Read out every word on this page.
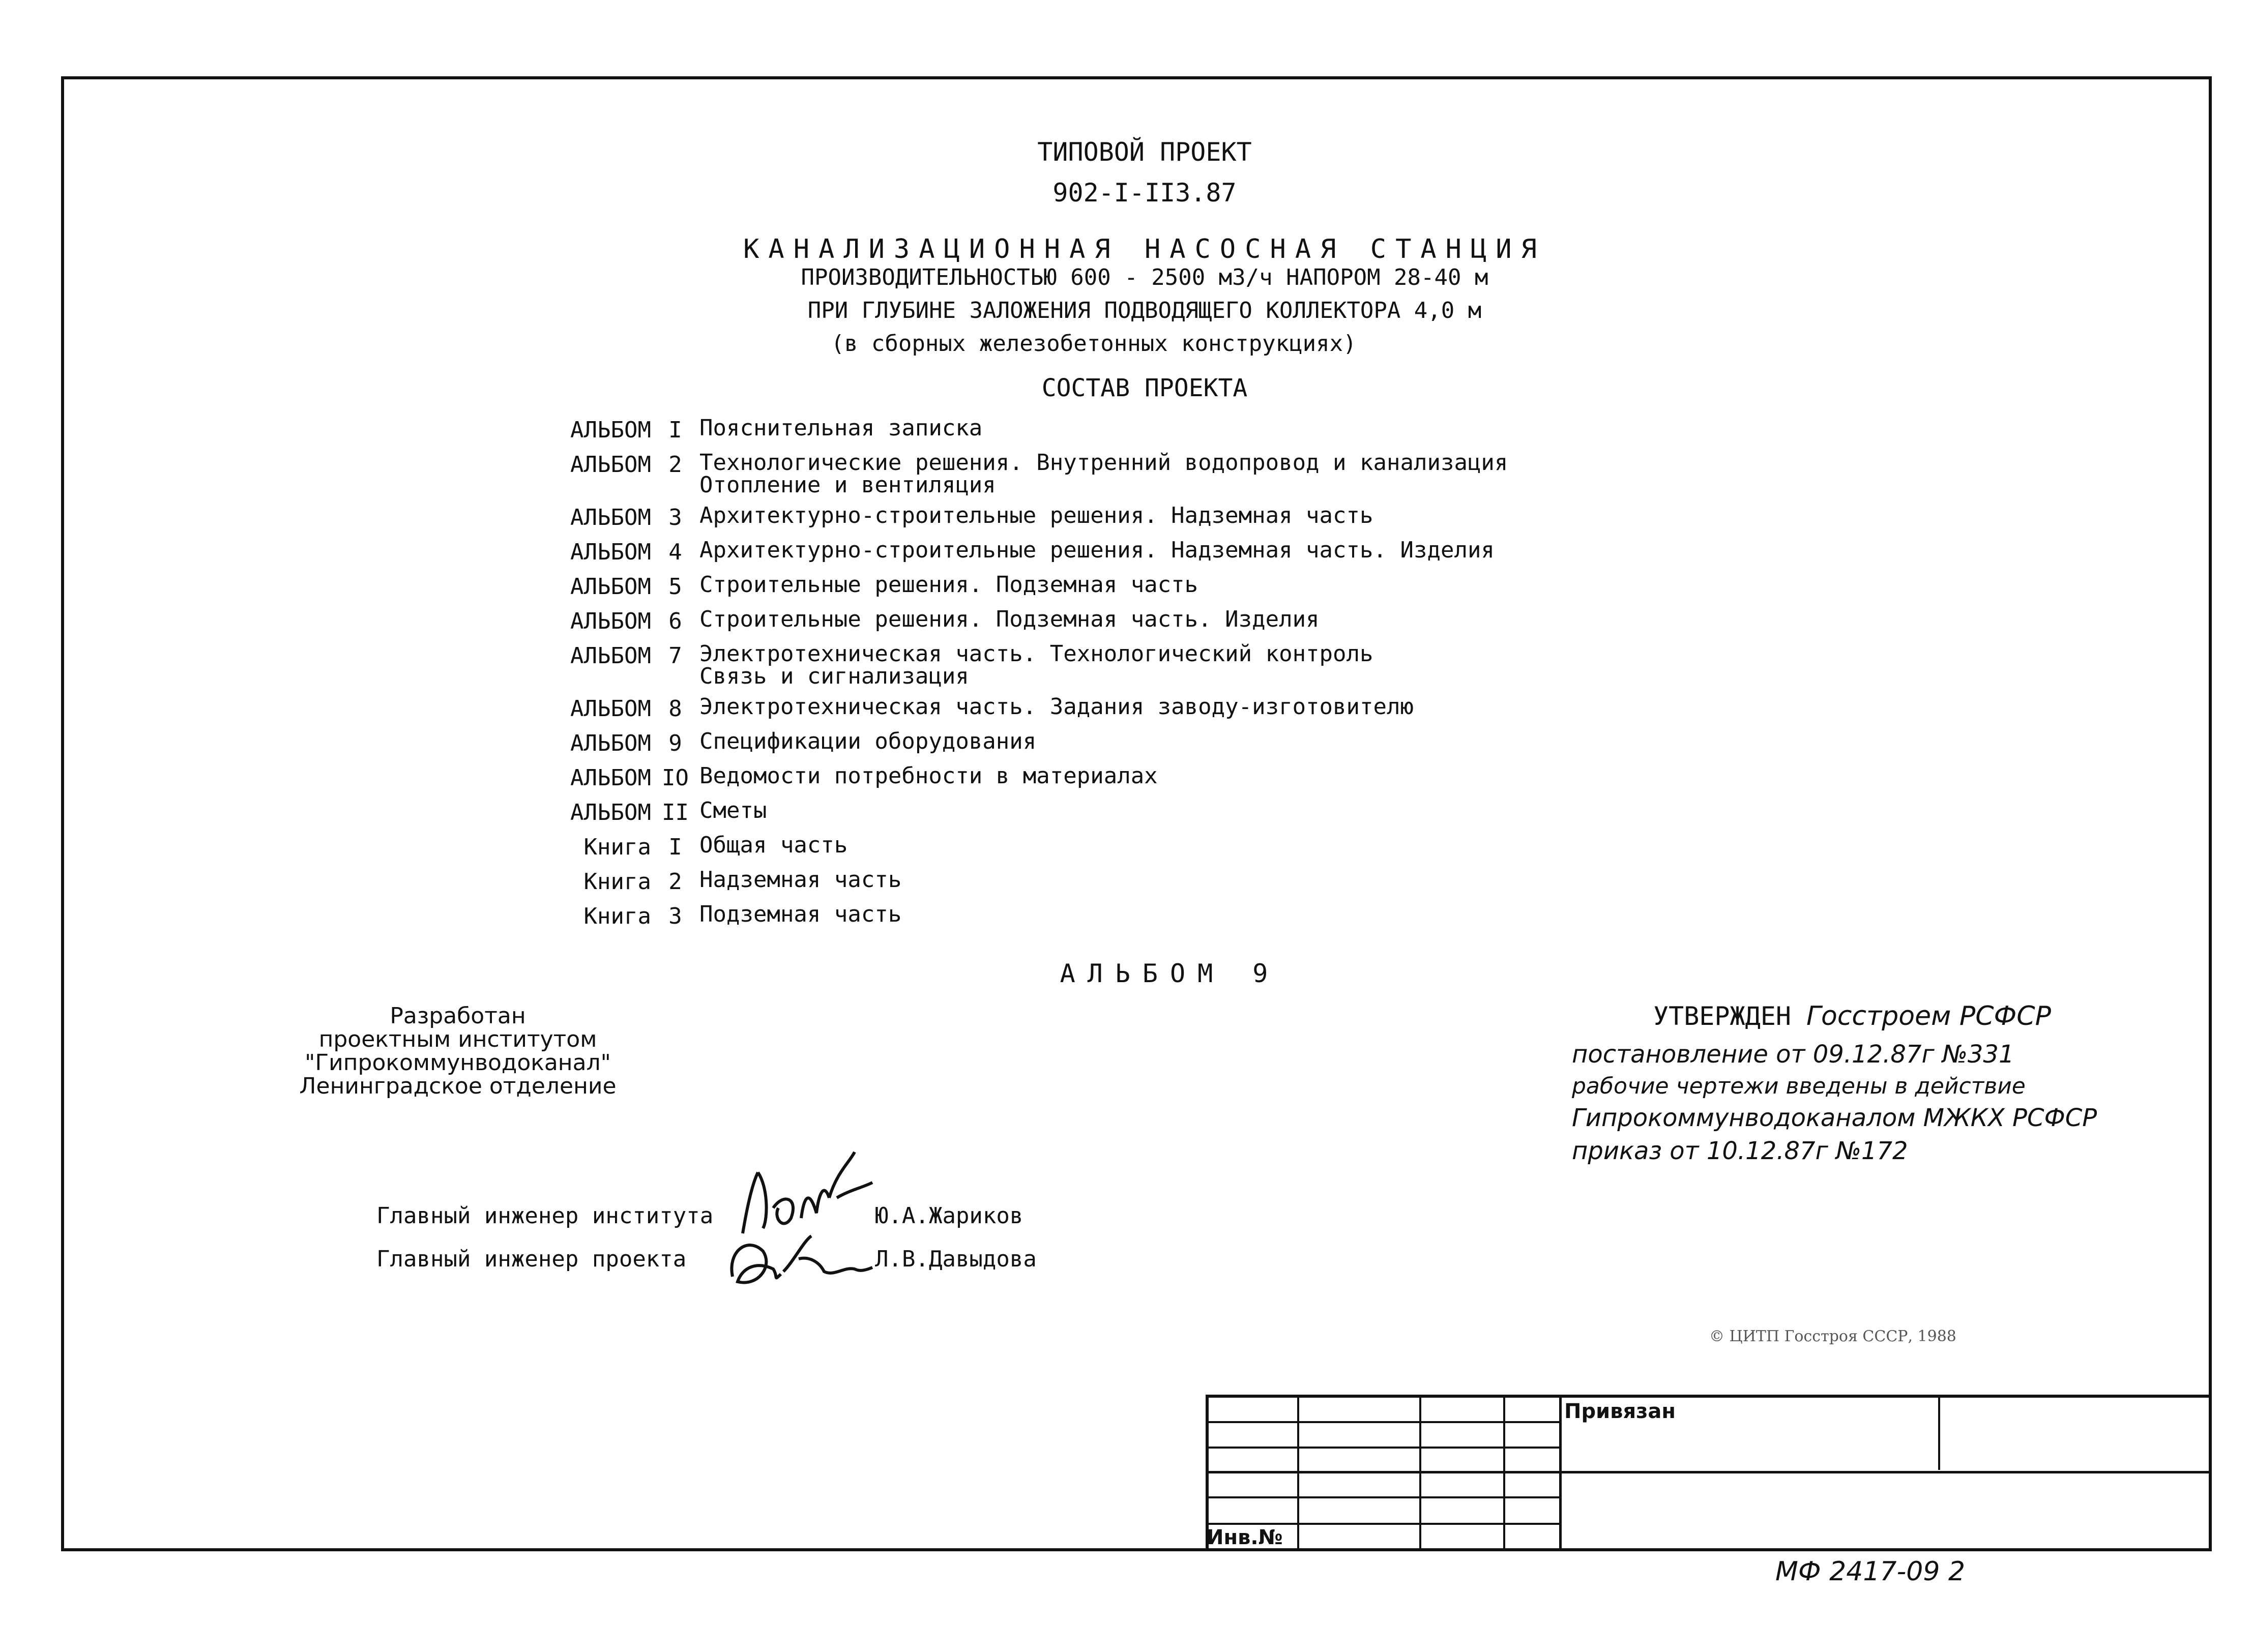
ТИПОВОЙ ПРОЕКТ
902-I-II3.87
КАНАЛИЗАЦИОННАЯ НАСОСНАЯ СТАНЦИЯ
ПРОИЗВОДИТЕЛЬНОСТЬЮ 600 - 2500 м3/ч НАПОРОМ 28-40 м
ПРИ ГЛУБИНЕ ЗАЛОЖЕНИЯ ПОДВОДЯЩЕГО КОЛЛЕКТОРА 4,0 м
(в сборных железобетонных конструкциях)
СОСТАВ ПРОЕКТА
АЛЬБОМ I Пояснительная записка
АЛЬБОМ 2 Технологические решения. Внутренний водопровод и канализация
Отопление и вентиляция
АЛЬБОМ 3 Архитектурно-строительные решения. Надземная часть
АЛЬБОМ 4 Архитектурно-строительные решения. Надземная часть. Изделия
АЛЬБОМ 5 Строительные решения. Подземная часть
АЛЬБОМ 6 Строительные решения. Подземная часть. Изделия
АЛЬБОМ 7 Электротехническая часть. Технологический контроль
Связь и сигнализация
АЛЬБОМ 8 Электротехническая часть. Задания заводу-изготовителю
АЛЬБОМ 9 Спецификации оборудования
АЛЬБОМ IO Ведомости потребности в материалах
АЛЬБОМ II Сметы
Книга I Общая часть
Книга 2 Надземная часть
Книга 3 Подземная часть
АЛЬБОМ 9
Разработан
проектным институтом
"Гипрокоммунводоканал"
Ленинградское отделение
Главный инженер института	Ю.А.Жариков
Главный инженер проекта	Л.В.Давыдова
УТВЕРЖДЕН Госстроем РСФСР
постановление от 09.12.87г №331
рабочие чертежи введены в действие
Гипрокоммунводоканалом МЖКХ РСФСР
приказ от 10.12.87г №172
© ЦИТП Госстроя СССР, 1988
Привязан
Инв.№
МФ 2417-09 2
